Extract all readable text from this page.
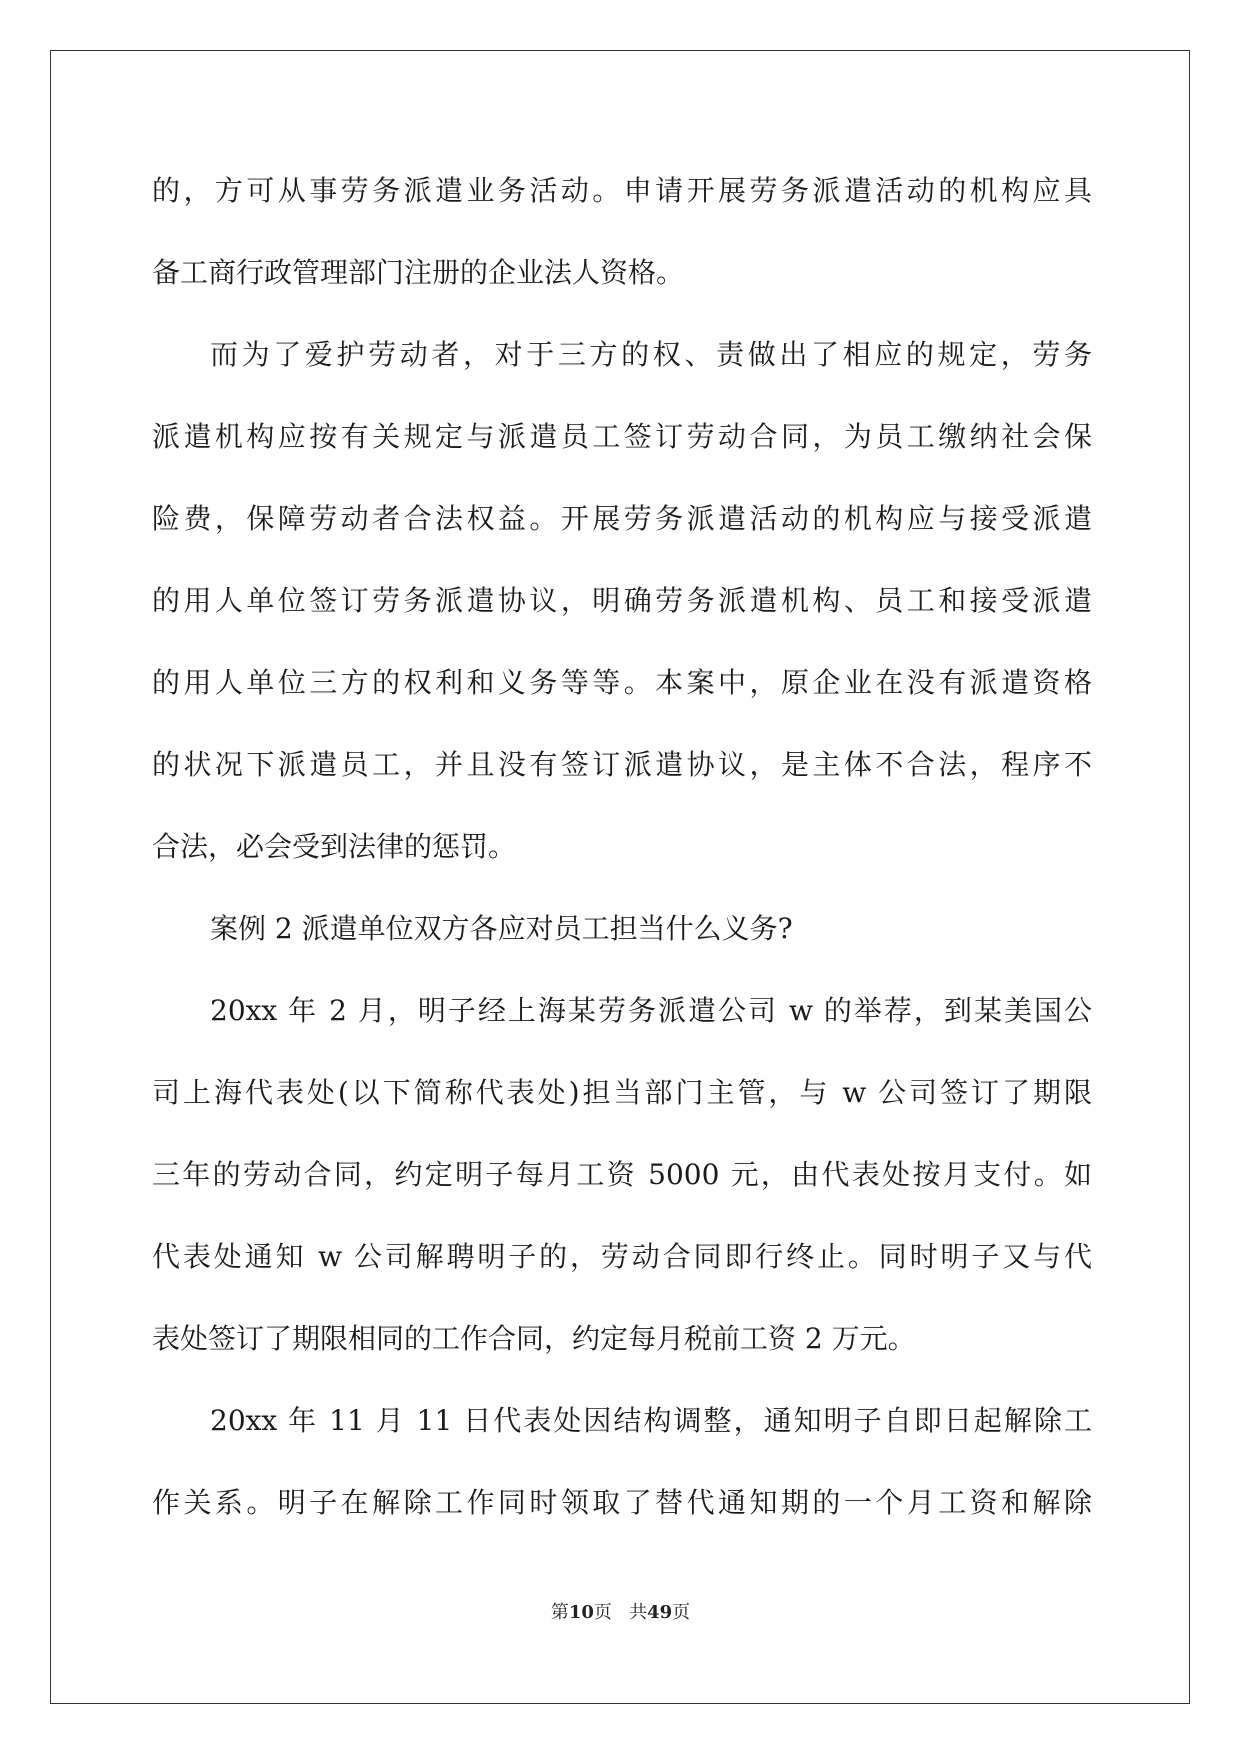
的，方可从事劳务派遣业务活动。申请开展劳务派遣活动的机构应具
备工商行政管理部门注册的企业法人资格。
而为了爱护劳动者，对于三方的权、责做出了相应的规定，劳务
派遣机构应按有关规定与派遣员工签订劳动合同，为员工缴纳社会保
险费，保障劳动者合法权益。开展劳务派遣活动的机构应与接受派遣
的用人单位签订劳务派遣协议，明确劳务派遣机构、员工和接受派遣
的用人单位三方的权利和义务等等。本案中，原企业在没有派遣资格
的状况下派遣员工，并且没有签订派遣协议，是主体不合法，程序不
合法，必会受到法律的惩罚。
案例 2 派遣单位双方各应对员工担当什么义务?
20xx 年 2 月，明子经上海某劳务派遣公司 w 的举荐，到某美国公
司上海代表处(以下简称代表处)担当部门主管，与 w 公司签订了期限
三年的劳动合同，约定明子每月工资 5000 元，由代表处按月支付。如
代表处通知 w 公司解聘明子的，劳动合同即行终止。同时明子又与代
表处签订了期限相同的工作合同，约定每月税前工资 2 万元。
20xx 年 11 月 11 日代表处因结构调整，通知明子自即日起解除工
作关系。明子在解除工作同时领取了替代通知期的一个月工资和解除
第10页 共49页
